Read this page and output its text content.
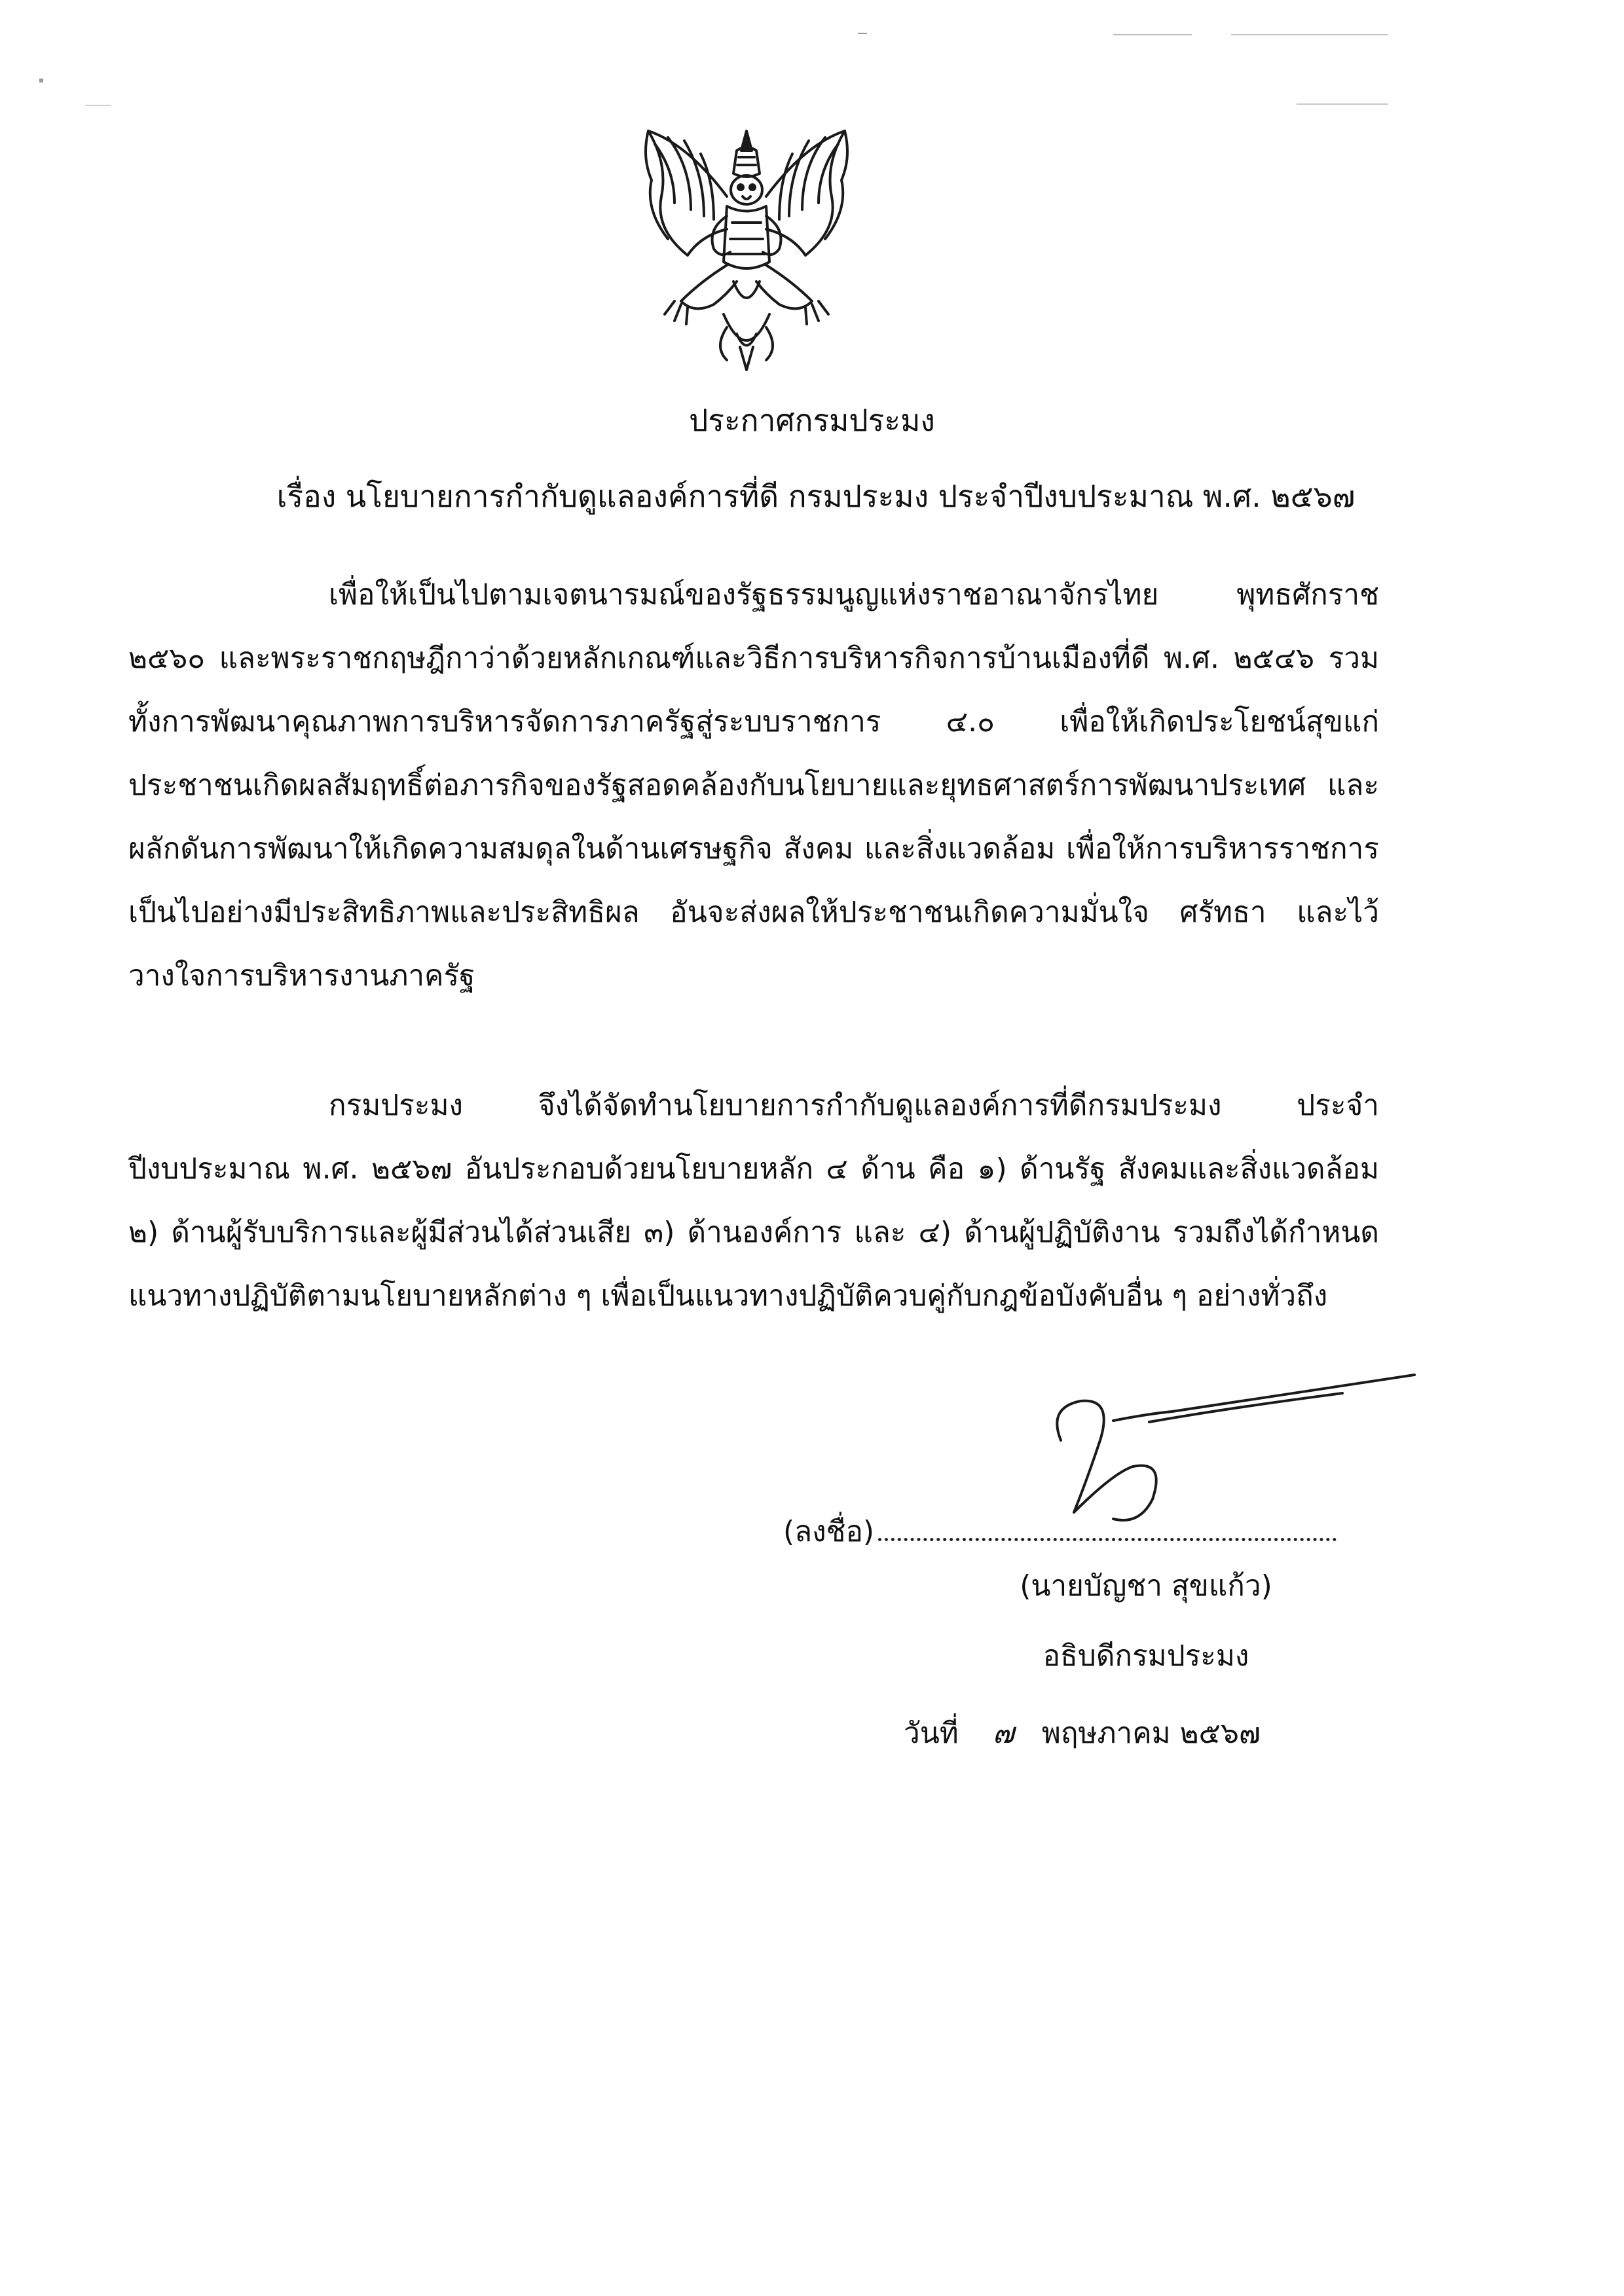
ประกาศกรมประมง
เรื่อง นโยบายการกำกับดูแลองค์การที่ดี กรมประมง ประจำปีงบประมาณ พ.ศ. ๒๕๖๗

เพื่อให้เป็นไปตามเจตนารมณ์ของรัฐธรรมนูญแห่งราชอาณาจักรไทย พุทธศักราช ๒๕๖๐ และพระราชกฤษฎีกาว่าด้วยหลักเกณฑ์และวิธีการบริหารกิจการบ้านเมืองที่ดี พ.ศ. ๒๕๔๖ รวมทั้งการพัฒนาคุณภาพการบริหารจัดการภาครัฐสู่ระบบราชการ ๔.๐ เพื่อให้เกิดประโยชน์สุขแก่ประชาชนเกิดผลสัมฤทธิ์ต่อภารกิจของรัฐสอดคล้องกับนโยบายและยุทธศาสตร์การพัฒนาประเทศ และผลักดันการพัฒนาให้เกิดความสมดุลในด้านเศรษฐกิจ สังคม และสิ่งแวดล้อม เพื่อให้การบริหารราชการเป็นไปอย่างมีประสิทธิภาพและประสิทธิผล อันจะส่งผลให้ประชาชนเกิดความมั่นใจ ศรัทธา และไว้วางใจการบริหารงานภาครัฐ

กรมประมง จึงได้จัดทำนโยบายการกำกับดูแลองค์การที่ดีกรมประมง ประจำปีงบประมาณ พ.ศ. ๒๕๖๗ อันประกอบด้วยนโยบายหลัก ๔ ด้าน คือ ๑) ด้านรัฐ สังคมและสิ่งแวดล้อม ๒) ด้านผู้รับบริการและผู้มีส่วนได้ส่วนเสีย ๓) ด้านองค์การ และ ๔) ด้านผู้ปฏิบัติงาน รวมถึงได้กำหนดแนวทางปฏิบัติตามนโยบายหลักต่าง ๆ เพื่อเป็นแนวทางปฏิบัติควบคู่กับกฎข้อบังคับอื่น ๆ อย่างทั่วถึง

(ลงชื่อ)
(นายบัญชา สุขแก้ว)
อธิบดีกรมประมง
วันที่ ๗ พฤษภาคม ๒๕๖๗
